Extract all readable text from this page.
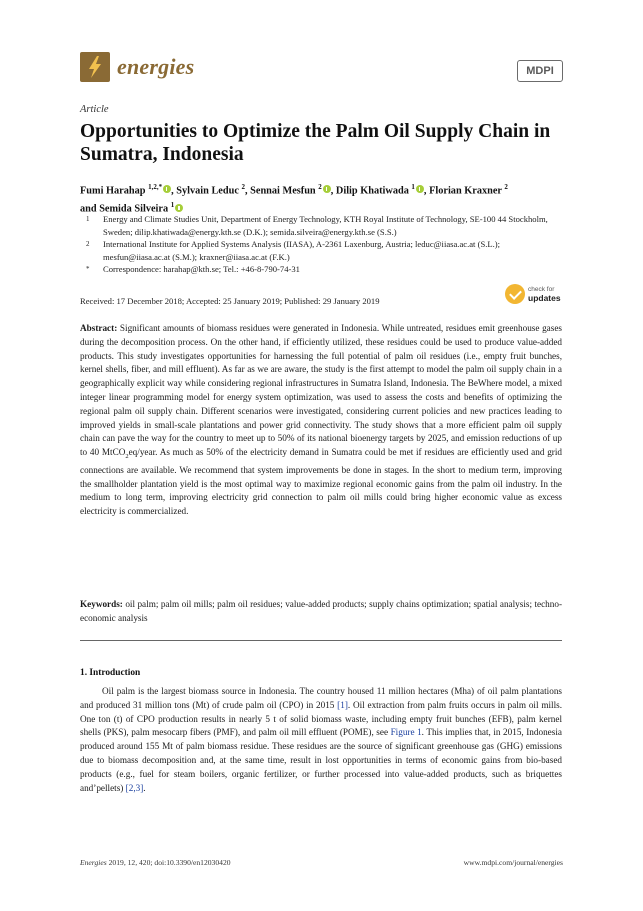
energies	MDPI
Article
Opportunities to Optimize the Palm Oil Supply Chain in Sumatra, Indonesia
Fumi Harahap $^{1,2,*}$ , Sylvain Leduc $^2$, Sennai Mesfun $^2$ , Dilip Khatiwada $^1$ , Florian Kraxner $^2$
and Semida Silveira $^1$
1	Energy and Climate Studies Unit, Department of Energy Technology, KTH Royal Institute of Technology, SE-100 44 Stockholm, Sweden; dilip.khatiwada@energy.kth.se (D.K.); semida.silveira@energy.kth.se (S.S.)
2	International Institute for Applied Systems Analysis (IIASA), A-2361 Laxenburg, Austria; leduc@iiasa.ac.at (S.L.); mesfun@iiasa.ac.at (S.M.); kraxner@iiasa.ac.at (F.K.)
*	Correspondence: harahap@kth.se; Tel.: +46-8-790-74-31
Received: 17 December 2018; Accepted: 25 January 2019; Published: 29 January 2019
check for
updates

Abstract: Significant amounts of biomass residues were generated in Indonesia. While untreated, residues emit greenhouse gases during the decomposition process. On the other hand, if efficiently utilized, these residues could be used to produce value-added products. This study investigates opportunities for harnessing the full potential of palm oil residues (i.e., empty fruit bunches, kernel shells, fiber, and mill effluent). As far as we are aware, the study is the first attempt to model the palm oil supply chain in a geographically explicit way while considering regional infrastructures in Sumatra Island, Indonesia. The BeWhere model, a mixed integer linear programming model for energy system optimization, was used to assess the costs and benefits of optimizing the regional palm oil supply chain. Different scenarios were investigated, considering current policies and new practices leading to improved yields in small-scale plantations and power grid connectivity. The study shows that a more efficient palm oil supply chain can pave the way for the country to meet up to 50% of its national bioenergy targets by 2025, and emission reductions of up to 40 MtCO$_2$eq/year. As much as 50% of the electricity demand in Sumatra could be met if residues are efficiently used and grid connections are available. We recommend that system improvements be done in stages. In the short to medium term, improving the smallholder plantation yield is the most optimal way to maximize regional economic gains from the palm oil industry. In the medium to long term, improving electricity grid connection to palm oil mills could bring higher economic value as excess electricity is commercialized.

Keywords: oil palm; palm oil mills; palm oil residues; value-added products; supply chains optimization; spatial analysis; techno-economic analysis

1. Introduction

Oil palm is the largest biomass source in Indonesia. The country housed 11 million hectares (Mha) of oil palm plantations and produced 31 million tons (Mt) of crude palm oil (CPO) in 2015 [1]. Oil extraction from palm fruits occurs in palm oil mills. One ton (t) of CPO production results in nearly 5 t of solid biomass waste, including empty fruit bunches (EFB), palm kernel shells (PKS), palm mesocarp fibers (PMF), and palm oil mill effluent (POME), see Figure 1. This implies that, in 2015, Indonesia produced around 155 Mt of palm biomass residue. These residues are the source of significant greenhouse gas (GHG) emissions due to biomass decomposition and, at the same time, result in lost opportunities in terms of economic gains from bio-based products (e.g., fuel for steam boilers, organic fertilizer, or further processed into value-added products, such as briquettes and’pellets) [2,3].

Energies 2019, 12, 420; doi:10.3390/en12030420	www.mdpi.com/journal/energies
